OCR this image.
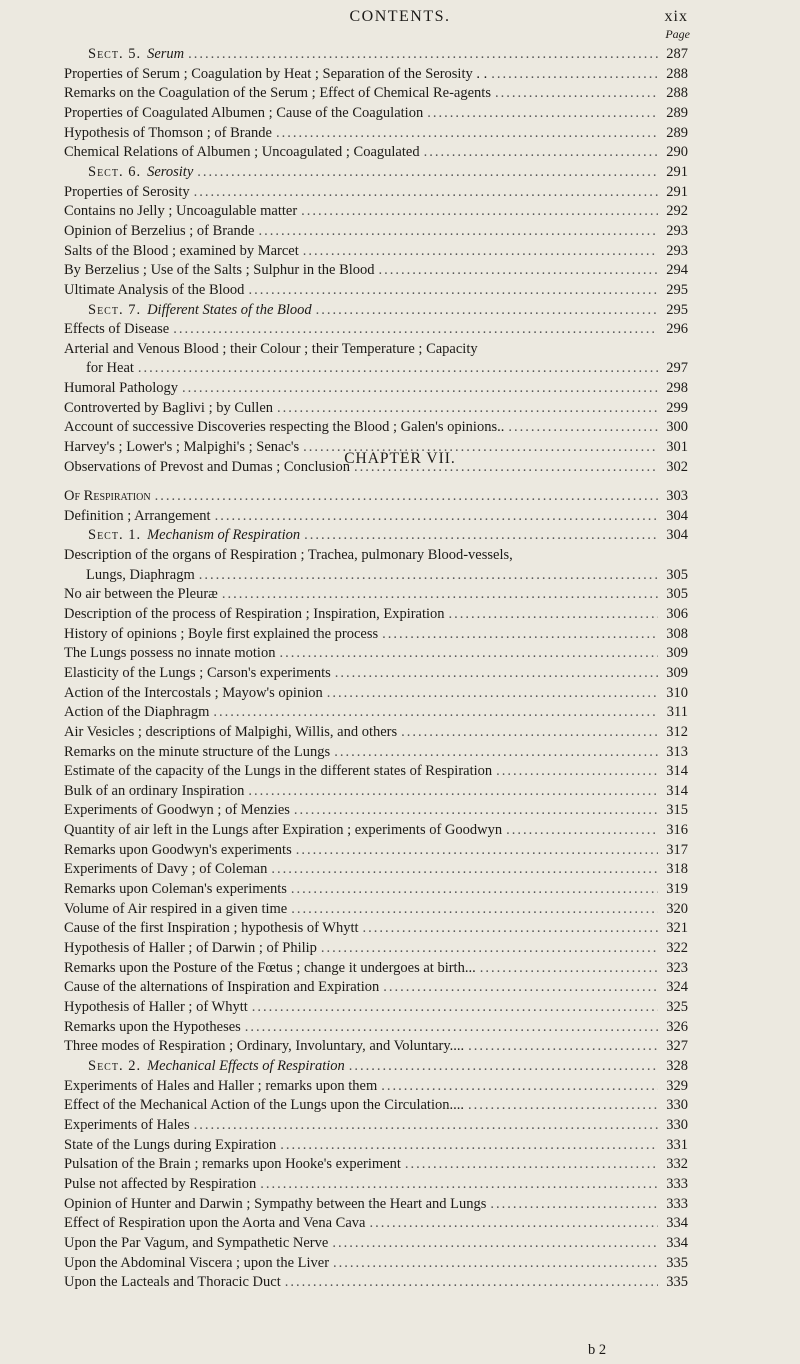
CONTENTS.	xix
Page
Sect. 5. Serum .....	287
Properties of Serum ; Coagulation by Heat ; Separation of the Serosity . . .....	288
Remarks on the Coagulation of the Serum ; Effect of Chemical Re-agents .....	288
Properties of Coagulated Albumen ; Cause of the Coagulation .....	289
Hypothesis of Thomson ; of Brande .....	289
Chemical Relations of Albumen ; Uncoagulated ; Coagulated .....	290
Sect. 6. Serosity .....	291
Properties of Serosity .....	291
Contains no Jelly ; Uncoagulable matter .....	292
Opinion of Berzelius ; of Brande .....	293
Salts of the Blood ; examined by Marcet .....	293
By Berzelius ; Use of the Salts ; Sulphur in the Blood .....	294
Ultimate Analysis of the Blood .....	295
Sect. 7. Different States of the Blood .....	295
Effects of Disease .....	296
Arterial and Venous Blood ; their Colour ; their Temperature ; Capacity
for Heat .....	297
Humoral Pathology .....	298
Controverted by Baglivi ; by Cullen .....	299
Account of successive Discoveries respecting the Blood ; Galen's opinions.. .....	300
Harvey's ; Lower's ; Malpighi's ; Senac's .....	301
Observations of Prevost and Dumas ; Conclusion .....	302
CHAPTER VII.
Of Respiration .....	303
Definition ; Arrangement .....	304
Sect. 1. Mechanism of Respiration .....	304
Description of the organs of Respiration ; Trachea, pulmonary Blood-vessels,
Lungs, Diaphragm .....	305
No air between the Pleuræ .....	305
Description of the process of Respiration ; Inspiration, Expiration .....	306
History of opinions ; Boyle first explained the process .....	308
The Lungs possess no innate motion .....	309
Elasticity of the Lungs ; Carson's experiments .....	309
Action of the Intercostals ; Mayow's opinion .....	310
Action of the Diaphragm .....	311
Air Vesicles ; descriptions of Malpighi, Willis, and others .....	312
Remarks on the minute structure of the Lungs .....	313
Estimate of the capacity of the Lungs in the different states of Respiration .....	314
Bulk of an ordinary Inspiration .....	314
Experiments of Goodwyn ; of Menzies .....	315
Quantity of air left in the Lungs after Expiration ; experiments of Goodwyn .....	316
Remarks upon Goodwyn's experiments .....	317
Experiments of Davy ; of Coleman .....	318
Remarks upon Coleman's experiments .....	319
Volume of Air respired in a given time .....	320
Cause of the first Inspiration ; hypothesis of Whytt .....	321
Hypothesis of Haller ; of Darwin ; of Philip .....	322
Remarks upon the Posture of the Fœtus ; change it undergoes at birth... .....	323
Cause of the alternations of Inspiration and Expiration .....	324
Hypothesis of Haller ; of Whytt .....	325
Remarks upon the Hypotheses .....	326
Three modes of Respiration ; Ordinary, Involuntary, and Voluntary.... .....	327
Sect. 2. Mechanical Effects of Respiration .....	328
Experiments of Hales and Haller ; remarks upon them .....	329
Effect of the Mechanical Action of the Lungs upon the Circulation.... .....	330
Experiments of Hales .....	330
State of the Lungs during Expiration .....	331
Pulsation of the Brain ; remarks upon Hooke's experiment .....	332
Pulse not affected by Respiration .....	333
Opinion of Hunter and Darwin ; Sympathy between the Heart and Lungs .....	333
Effect of Respiration upon the Aorta and Vena Cava .....	334
Upon the Par Vagum, and Sympathetic Nerve .....	334
Upon the Abdominal Viscera ; upon the Liver .....	335
Upon the Lacteals and Thoracic Duct .....	335
b 2
